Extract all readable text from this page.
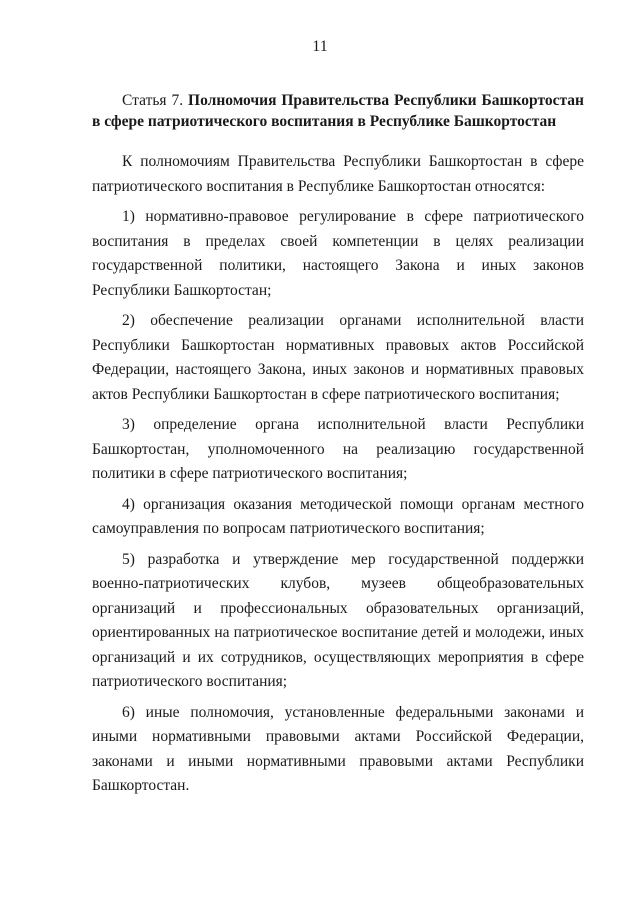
11

Статья 7. Полномочия Правительства Республики Башкортостан в сфере патриотического воспитания в Республике Башкортостан

К полномочиям Правительства Республики Башкортостан в сфере патриотического воспитания в Республике Башкортостан относятся:

1) нормативно-правовое регулирование в сфере патриотического воспитания в пределах своей компетенции в целях реализации государственной политики, настоящего Закона и иных законов Республики Башкортостан;

2) обеспечение реализации органами исполнительной власти Республики Башкортостан нормативных правовых актов Российской Федерации, настоящего Закона, иных законов и нормативных правовых актов Республики Башкортостан в сфере патриотического воспитания;

3) определение органа исполнительной власти Республики Башкортостан, уполномоченного на реализацию государственной политики в сфере патриотического воспитания;

4) организация оказания методической помощи органам местного самоуправления по вопросам патриотического воспитания;

5) разработка и утверждение мер государственной поддержки военно-патриотических клубов, музеев общеобразовательных организаций и профессиональных образовательных организаций, ориентированных на патриотическое воспитание детей и молодежи, иных организаций и их сотрудников, осуществляющих мероприятия в сфере патриотического воспитания;

6) иные полномочия, установленные федеральными законами и иными нормативными правовыми актами Российской Федерации, законами и иными нормативными правовыми актами Республики Башкортостан.
